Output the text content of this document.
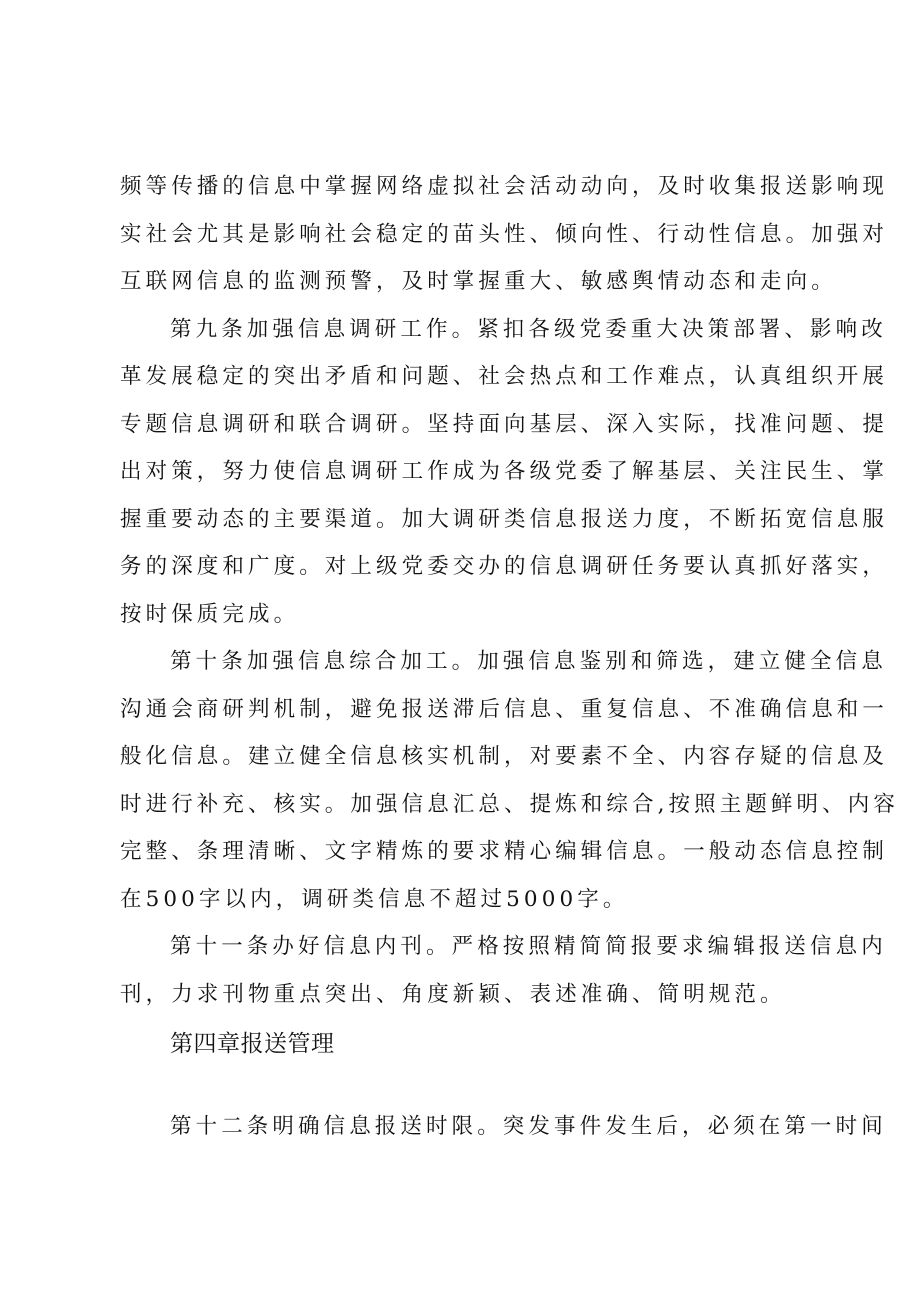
频等传播的信息中掌握网络虚拟社会活动动向，及时收集报送影响现
实社会尤其是影响社会稳定的苗头性、倾向性、行动性信息。加强对
互联网信息的监测预警，及时掌握重大、敏感舆情动态和走向。
第九条加强信息调研工作。紧扣各级党委重大决策部署、影响改
革发展稳定的突出矛盾和问题、社会热点和工作难点，认真组织开展
专题信息调研和联合调研。坚持面向基层、深入实际，找准问题、提
出对策，努力使信息调研工作成为各级党委了解基层、关注民生、掌
握重要动态的主要渠道。加大调研类信息报送力度，不断拓宽信息服
务的深度和广度。对上级党委交办的信息调研任务要认真抓好落实，
按时保质完成。
第十条加强信息综合加工。加强信息鉴别和筛选，建立健全信息
沟通会商研判机制，避免报送滞后信息、重复信息、不准确信息和一
般化信息。建立健全信息核实机制，对要素不全、内容存疑的信息及
时进行补充、核实。加强信息汇总、提炼和综合,按照主题鲜明、内容
完整、条理清晰、文字精炼的要求精心编辑信息。一般动态信息控制
在500字以内，调研类信息不超过5000字。
第十一条办好信息内刊。严格按照精简简报要求编辑报送信息内
刊，力求刊物重点突出、角度新颖、表述准确、简明规范。
第四章报送管理
第十二条明确信息报送时限。突发事件发生后，必须在第一时间
